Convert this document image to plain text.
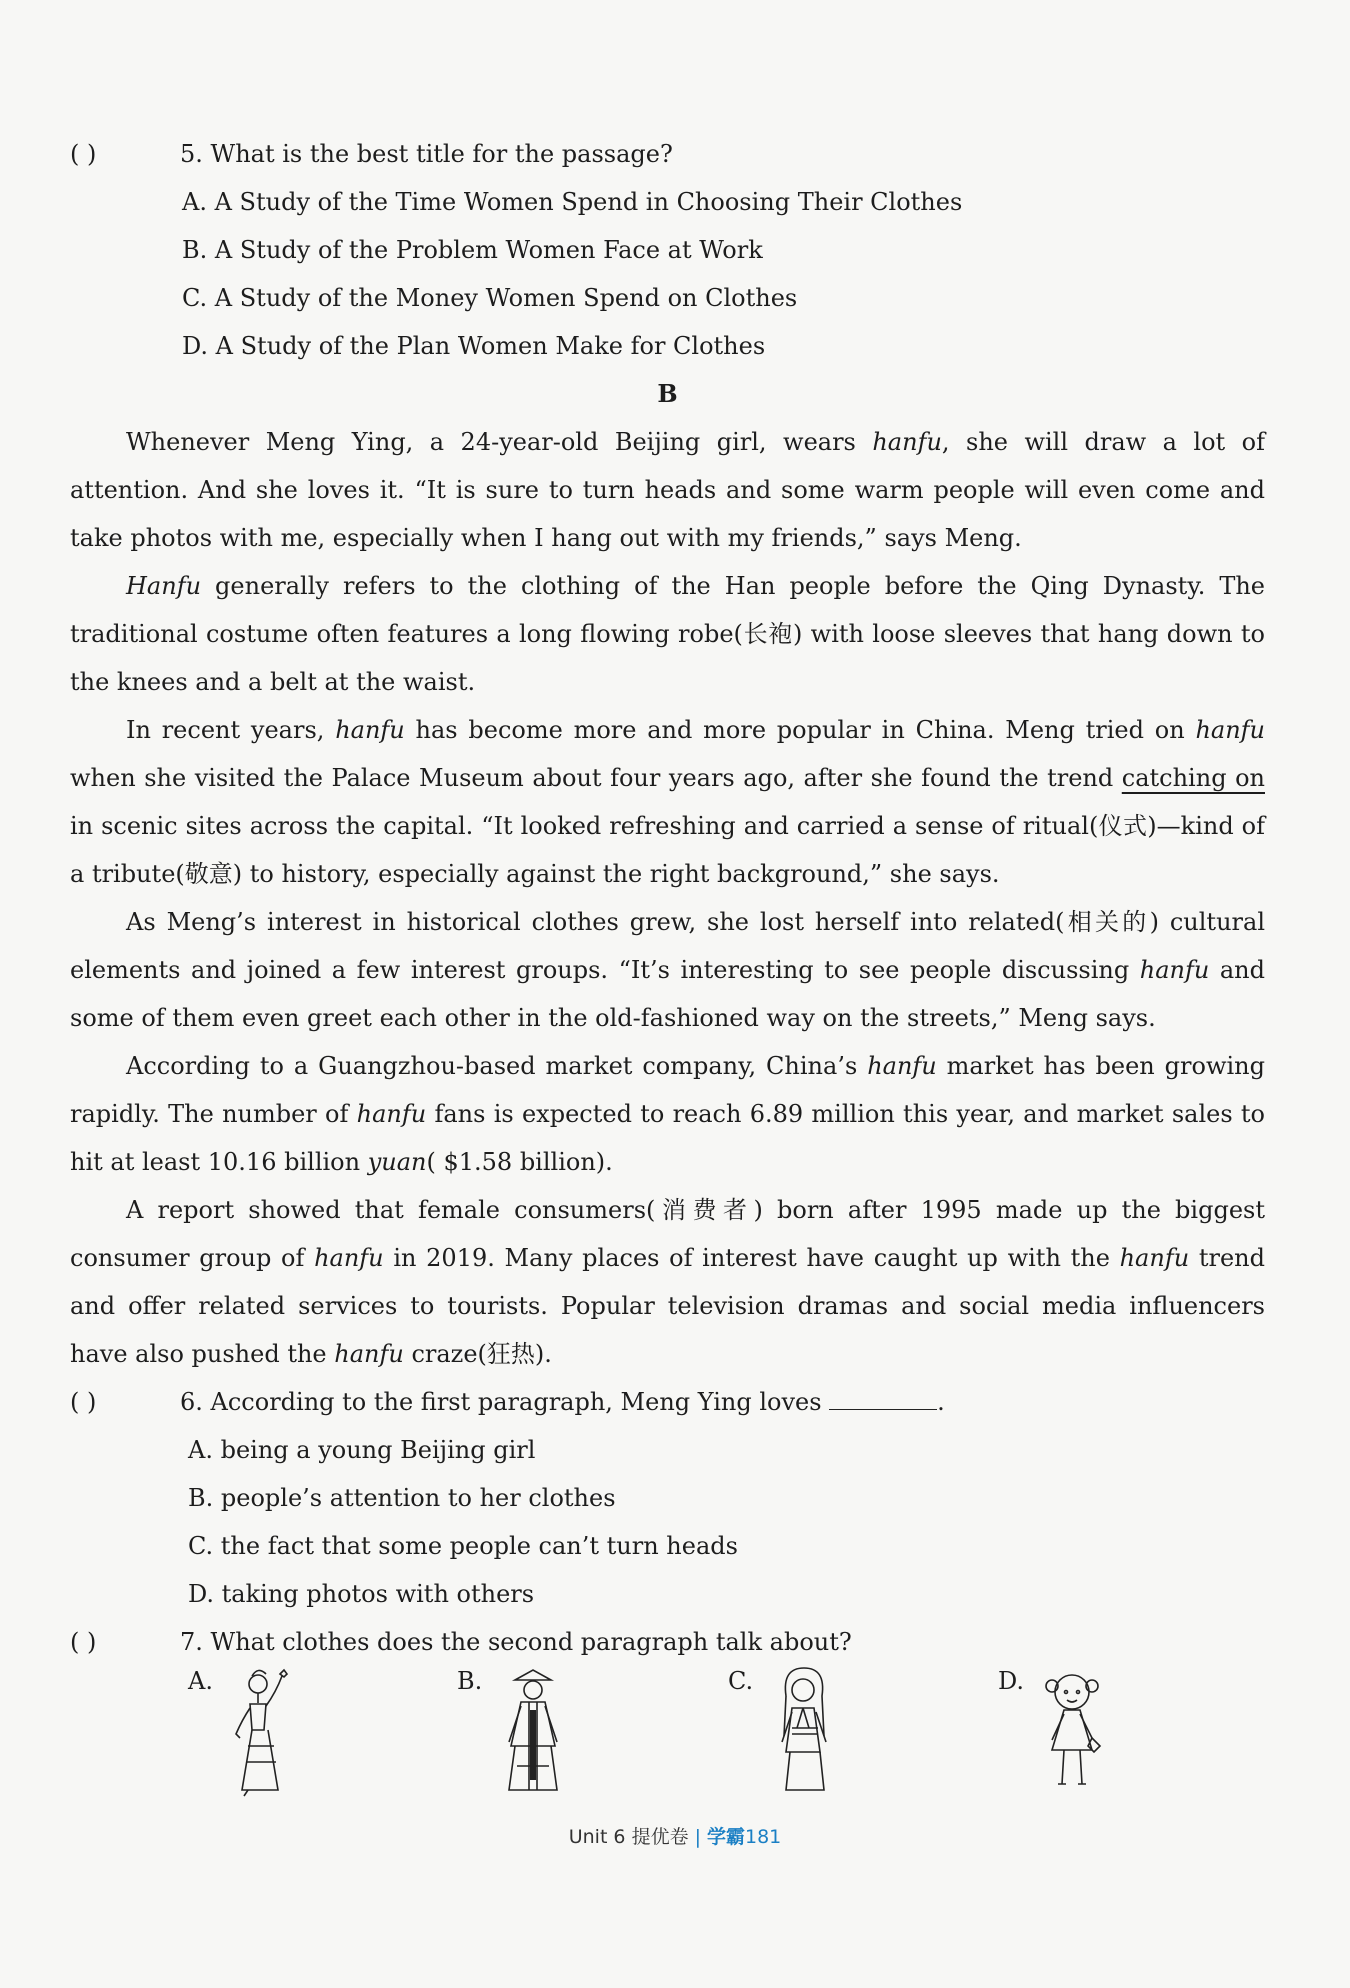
( )	5. What is the best title for the passage?
A. A Study of the Time Women Spend in Choosing Their Clothes
B. A Study of the Problem Women Face at Work
C. A Study of the Money Women Spend on Clothes
D. A Study of the Plan Women Make for Clothes
B

Whenever Meng Ying, a 24-year-old Beijing girl, wears hanfu, she will draw a lot of attention. And she loves it. “It is sure to turn heads and some warm people will even come and take photos with me, especially when I hang out with my friends,” says Meng.

Hanfu generally refers to the clothing of the Han people before the Qing Dynasty. The traditional costume often features a long flowing robe(长袍) with loose sleeves that hang down to the knees and a belt at the waist.

In recent years, hanfu has become more and more popular in China. Meng tried on hanfu when she visited the Palace Museum about four years ago, after she found the trend catching on in scenic sites across the capital. “It looked refreshing and carried a sense of ritual(仪式)—kind of a tribute(敬意) to history, especially against the right background,” she says.

As Meng’s interest in historical clothes grew, she lost herself into related(相关的) cultural elements and joined a few interest groups. “It’s interesting to see people discussing hanfu and some of them even greet each other in the old-fashioned way on the streets,” Meng says.

According to a Guangzhou-based market company, China’s hanfu market has been growing rapidly. The number of hanfu fans is expected to reach 6.89 million this year, and market sales to hit at least 10.16 billion yuan( $1.58 billion).

A report showed that female consumers(消费者) born after 1995 made up the biggest consumer group of hanfu in 2019. Many places of interest have caught up with the hanfu trend and offer related services to tourists. Popular television dramas and social media influencers have also pushed the hanfu craze(狂热).

( )	6. According to the first paragraph, Meng Ying loves	.
A. being a young Beijing girl
B. people’s attention to her clothes
C. the fact that some people can’t turn heads
D. taking photos with others
( )	7. What clothes does the second paragraph talk about?
A.	B.	C.	D.
Unit 6 提优卷 | 学霸181
